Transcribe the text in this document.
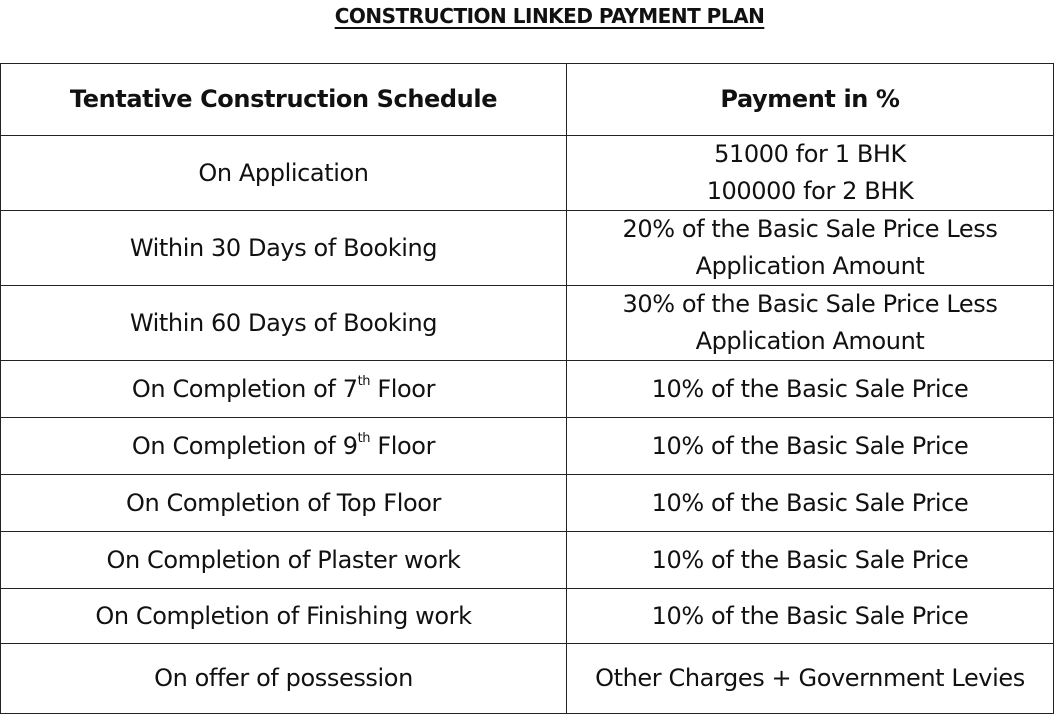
CONSTRUCTION LINKED PAYMENT PLAN
Tentative Construction Schedule	Payment in %
On Application	51000 for 1 BHK
100000 for 2 BHK

Within 30 Days of Booking	20% of the Basic Sale Price Less
Application Amount

Within 60 Days of Booking	30% of the Basic Sale Price Less
Application Amount

On Completion of 7th Floor	10% of the Basic Sale Price
On Completion of 9th Floor	10% of the Basic Sale Price
On Completion of Top Floor	10% of the Basic Sale Price
On Completion of Plaster work	10% of the Basic Sale Price
On Completion of Finishing work	10% of the Basic Sale Price
On offer of possession	Other Charges + Government Levies
